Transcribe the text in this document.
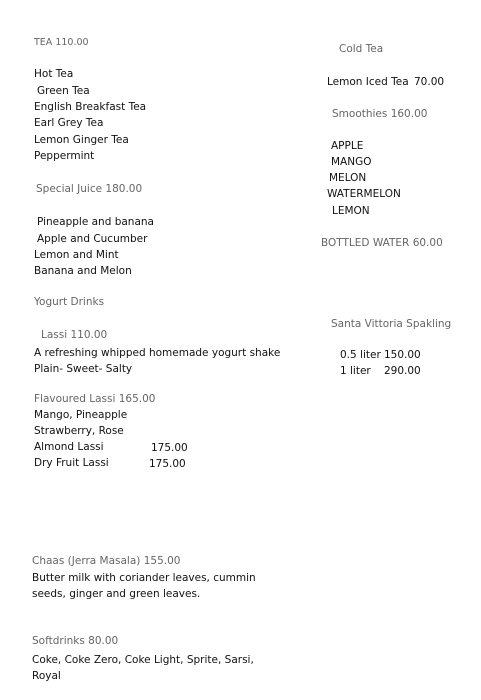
TEA 110.00
Hot Tea
Green Tea
English Breakfast Tea
Earl Grey Tea
Lemon Ginger Tea
Peppermint
Special Juice 180.00
Pineapple and banana
Apple and Cucumber
Lemon and Mint
Banana and Melon
Yogurt Drinks
Lassi 110.00
A refreshing whipped homemade yogurt shake
Plain- Sweet- Salty
Flavoured Lassi 165.00
Mango, Pineapple
Strawberry, Rose
Almond Lassi	175.00
Dry Fruit Lassi	175.00
Chaas (Jerra Masala) 155.00
Butter milk with coriander leaves, cummin
seeds, ginger and green leaves.
Softdrinks 80.00
Coke, Coke Zero, Coke Light, Sprite, Sarsi,
Royal
Cold Tea
Lemon Iced Tea 70.00
Smoothies 160.00
APPLE
MANGO
MELON
WATERMELON
LEMON
BOTTLED WATER 60.00
Santa Vittoria Spakling
0.5 liter 150.00
1 liter 290.00
